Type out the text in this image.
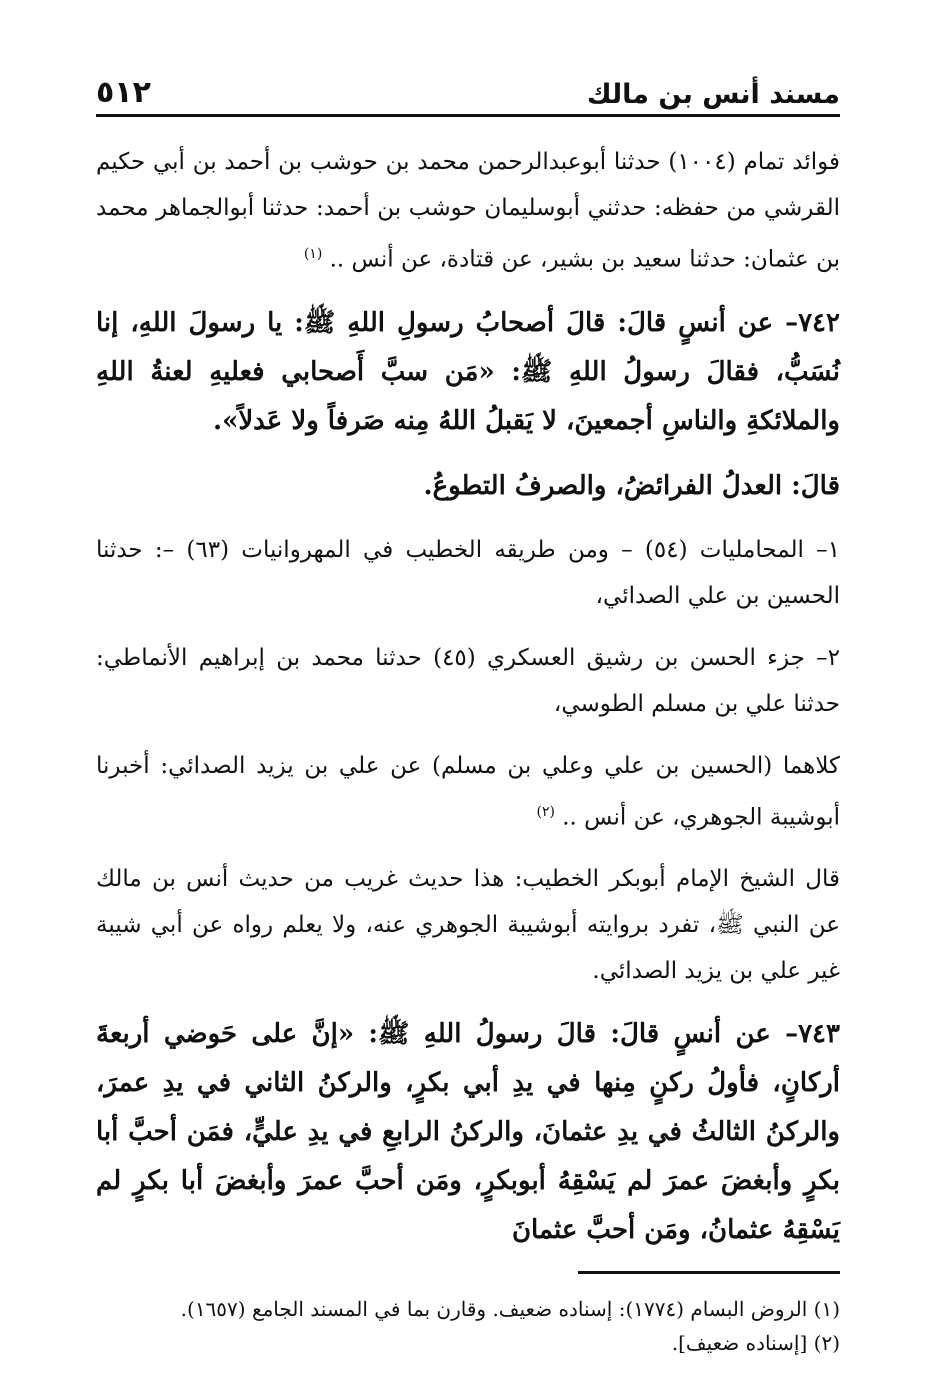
مسند أنس بن مالك
٥١٢

فوائد تمام (١٠٠٤) حدثنا أبوعبدالرحمن محمد بن حوشب بن أحمد بن أبي حكيم القرشي من حفظه: حدثني أبوسليمان حوشب بن أحمد: حدثنا أبوالجماهر محمد بن عثمان: حدثنا سعيد بن بشير، عن قتادة، عن أنس .. $^{(١)}$

٧٤٢– عن أنسٍ قالَ: قالَ أصحابُ رسولِ اللهِ ﷺ: يا رسولَ اللهِ، إنا نُسَبُّ، فقالَ رسولُ اللهِ ﷺ: «مَن سبَّ أَصحابي فعليهِ لعنةُ اللهِ والملائكةِ والناسِ أجمعينَ، لا يَقبلُ اللهُ مِنه صَرفاً ولا عَدلاً».

قالَ: العدلُ الفرائضُ، والصرفُ التطوعُ.

١– المحامليات (٥٤) – ومن طريقه الخطيب في المهروانيات (٦٣) –: حدثنا الحسين بن علي الصدائي،

٢– جزء الحسن بن رشيق العسكري (٤٥) حدثنا محمد بن إبراهيم الأنماطي: حدثنا علي بن مسلم الطوسي،

كلاهما (الحسين بن علي وعلي بن مسلم) عن علي بن يزيد الصدائي: أخبرنا أبوشيبة الجوهري، عن أنس .. $^{(٢)}$

قال الشيخ الإمام أبوبكر الخطيب: هذا حديث غريب من حديث أنس بن مالك عن النبي ﷺ، تفرد بروايته أبوشيبة الجوهري عنه، ولا يعلم رواه عن أبي شيبة غير علي بن يزيد الصدائي.

٧٤٣– عن أنسٍ قالَ: قالَ رسولُ اللهِ ﷺ: «إنَّ على حَوضي أربعةَ أركانٍ، فأولُ ركنٍ مِنها في يدِ أبي بكرٍ، والركنُ الثاني في يدِ عمرَ، والركنُ الثالثُ في يدِ عثمانَ، والركنُ الرابعِ في يدِ عليٍّ، فمَن أحبَّ أبا بكرٍ وأبغضَ عمرَ لم يَسْقِهُ أبوبكرٍ، ومَن أحبَّ عمرَ وأبغضَ أبا بكرٍ لم يَسْقِهُ عثمانُ، ومَن أحبَّ عثمانَ

(١) الروض البسام (١٧٧٤): إسناده ضعيف. وقارن بما في المسند الجامع (١٦٥٧).
(٢) [إسناده ضعيف].
